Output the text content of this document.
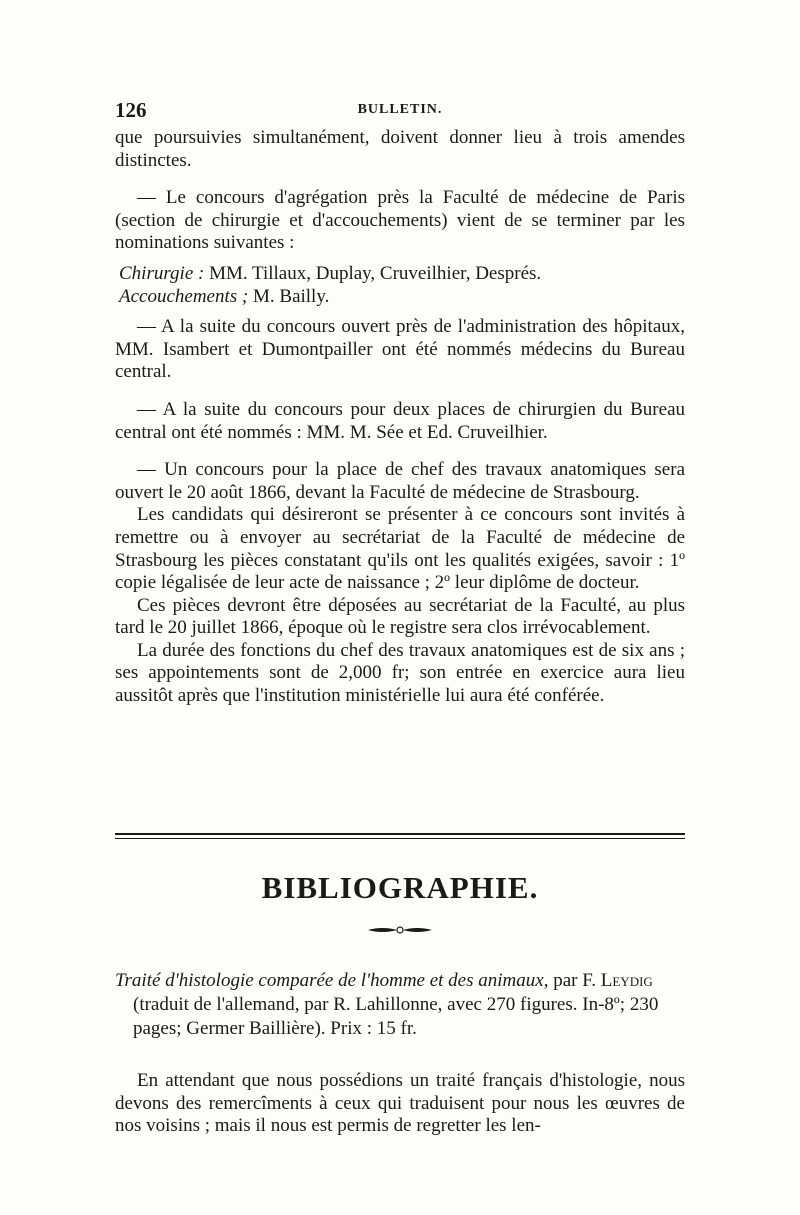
126	BULLETIN.

que poursuivies simultanément, doivent donner lieu à trois amendes distinctes.

— Le concours d'agrégation près la Faculté de médecine de Paris (section de chirurgie et d'accouchements) vient de se terminer par les nominations suivantes :

Chirurgie : MM. Tillaux, Duplay, Cruveilhier, Després.
Accouchements ; M. Bailly.

— A la suite du concours ouvert près de l'administration des hôpitaux, MM. Isambert et Dumontpailler ont été nommés médecins du Bureau central.

— A la suite du concours pour deux places de chirurgien du Bureau central ont été nommés : MM. M. Sée et Ed. Cruveilhier.

— Un concours pour la place de chef des travaux anatomiques sera ouvert le 20 août 1866, devant la Faculté de médecine de Strasbourg.

Les candidats qui désireront se présenter à ce concours sont invités à remettre ou à envoyer au secrétariat de la Faculté de médecine de Strasbourg les pièces constatant qu'ils ont les qualités exigées, savoir : 1º copie légalisée de leur acte de naissance ; 2º leur diplôme de docteur.

Ces pièces devront être déposées au secrétariat de la Faculté, au plus tard le 20 juillet 1866, époque où le registre sera clos irrévocablement.

La durée des fonctions du chef des travaux anatomiques est de six ans ; ses appointements sont de 2,000 fr; son entrée en exercice aura lieu aussitôt après que l'institution ministérielle lui aura été conférée.

BIBLIOGRAPHIE.
Traité d'histologie comparée de l'homme et des animaux, par F. Leydig
(traduit de l'allemand, par R. Lahillonne, avec 270 figures. In-8º; 230 pages; Germer Baillière). Prix : 15 fr.

En attendant que nous possédions un traité français d'histologie, nous devons des remercîments à ceux qui traduisent pour nous les œuvres de nos voisins ; mais il nous est permis de regretter les len-
